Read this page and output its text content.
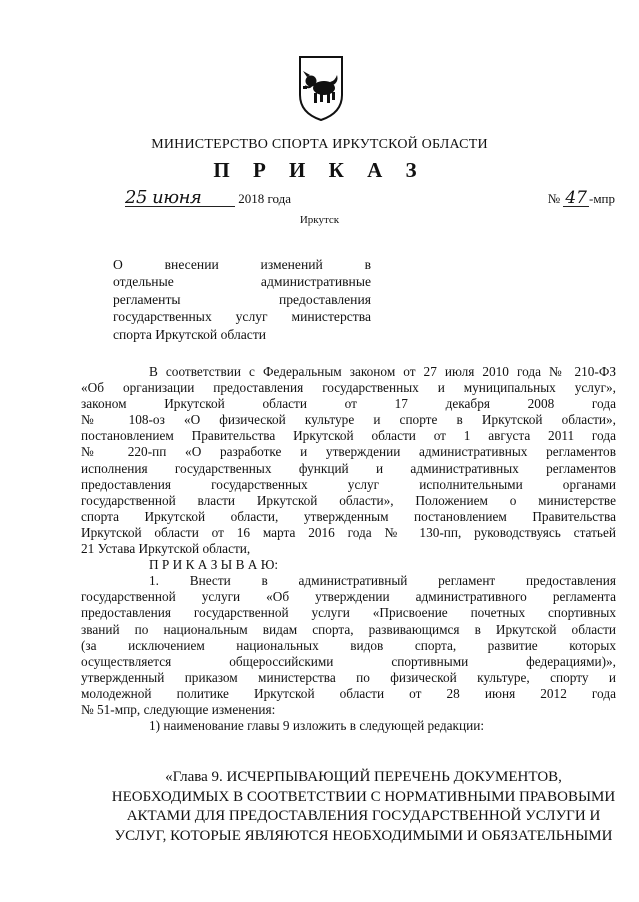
МИНИСТЕРСТВО СПОРТА ИРКУТСКОЙ ОБЛАСТИ
П Р И К А З
25 июня	2018 года	№ 47 -мпр
Иркутск
О внесении изменений в
отдельные административные
регламенты предоставления
государственных услуг министерства
спорта Иркутской области
В соответствии с Федеральным законом от 27 июля 2010 года № 210-ФЗ
«Об организации предоставления государственных и муниципальных услуг»,
законом Иркутской области от 17 декабря 2008 года
№ 108-оз «О физической культуре и спорте в Иркутской области»,
постановлением Правительства Иркутской области от 1 августа 2011 года
№ 220-пп «О разработке и утверждении административных регламентов
исполнения государственных функций и административных регламентов
предоставления государственных услуг исполнительными органами
государственной власти Иркутской области», Положением о министерстве
спорта Иркутской области, утвержденным постановлением Правительства
Иркутской области от 16 марта 2016 года № 130-пп, руководствуясь статьей
21 Устава Иркутской области,
П Р И К А З Ы В А Ю:
1. Внести в административный регламент предоставления
государственной услуги «Об утверждении административного регламента
предоставления государственной услуги «Присвоение почетных спортивных
званий по национальным видам спорта, развивающимся в Иркутской области
(за исключением национальных видов спорта, развитие которых
осуществляется общероссийскими спортивными федерациями)»,
утвержденный приказом министерства по физической культуре, спорту и
молодежной политике Иркутской области от 28 июня 2012 года
№ 51-мпр, следующие изменения:
1) наименование главы 9 изложить в следующей редакции:
«Глава 9. ИСЧЕРПЫВАЮЩИЙ ПЕРЕЧЕНЬ ДОКУМЕНТОВ,
НЕОБХОДИМЫХ В СООТВЕТСТВИИ С НОРМАТИВНЫМИ ПРАВОВЫМИ
АКТАМИ ДЛЯ ПРЕДОСТАВЛЕНИЯ ГОСУДАРСТВЕННОЙ УСЛУГИ И
УСЛУГ, КОТОРЫЕ ЯВЛЯЮТСЯ НЕОБХОДИМЫМИ И ОБЯЗАТЕЛЬНЫМИ
